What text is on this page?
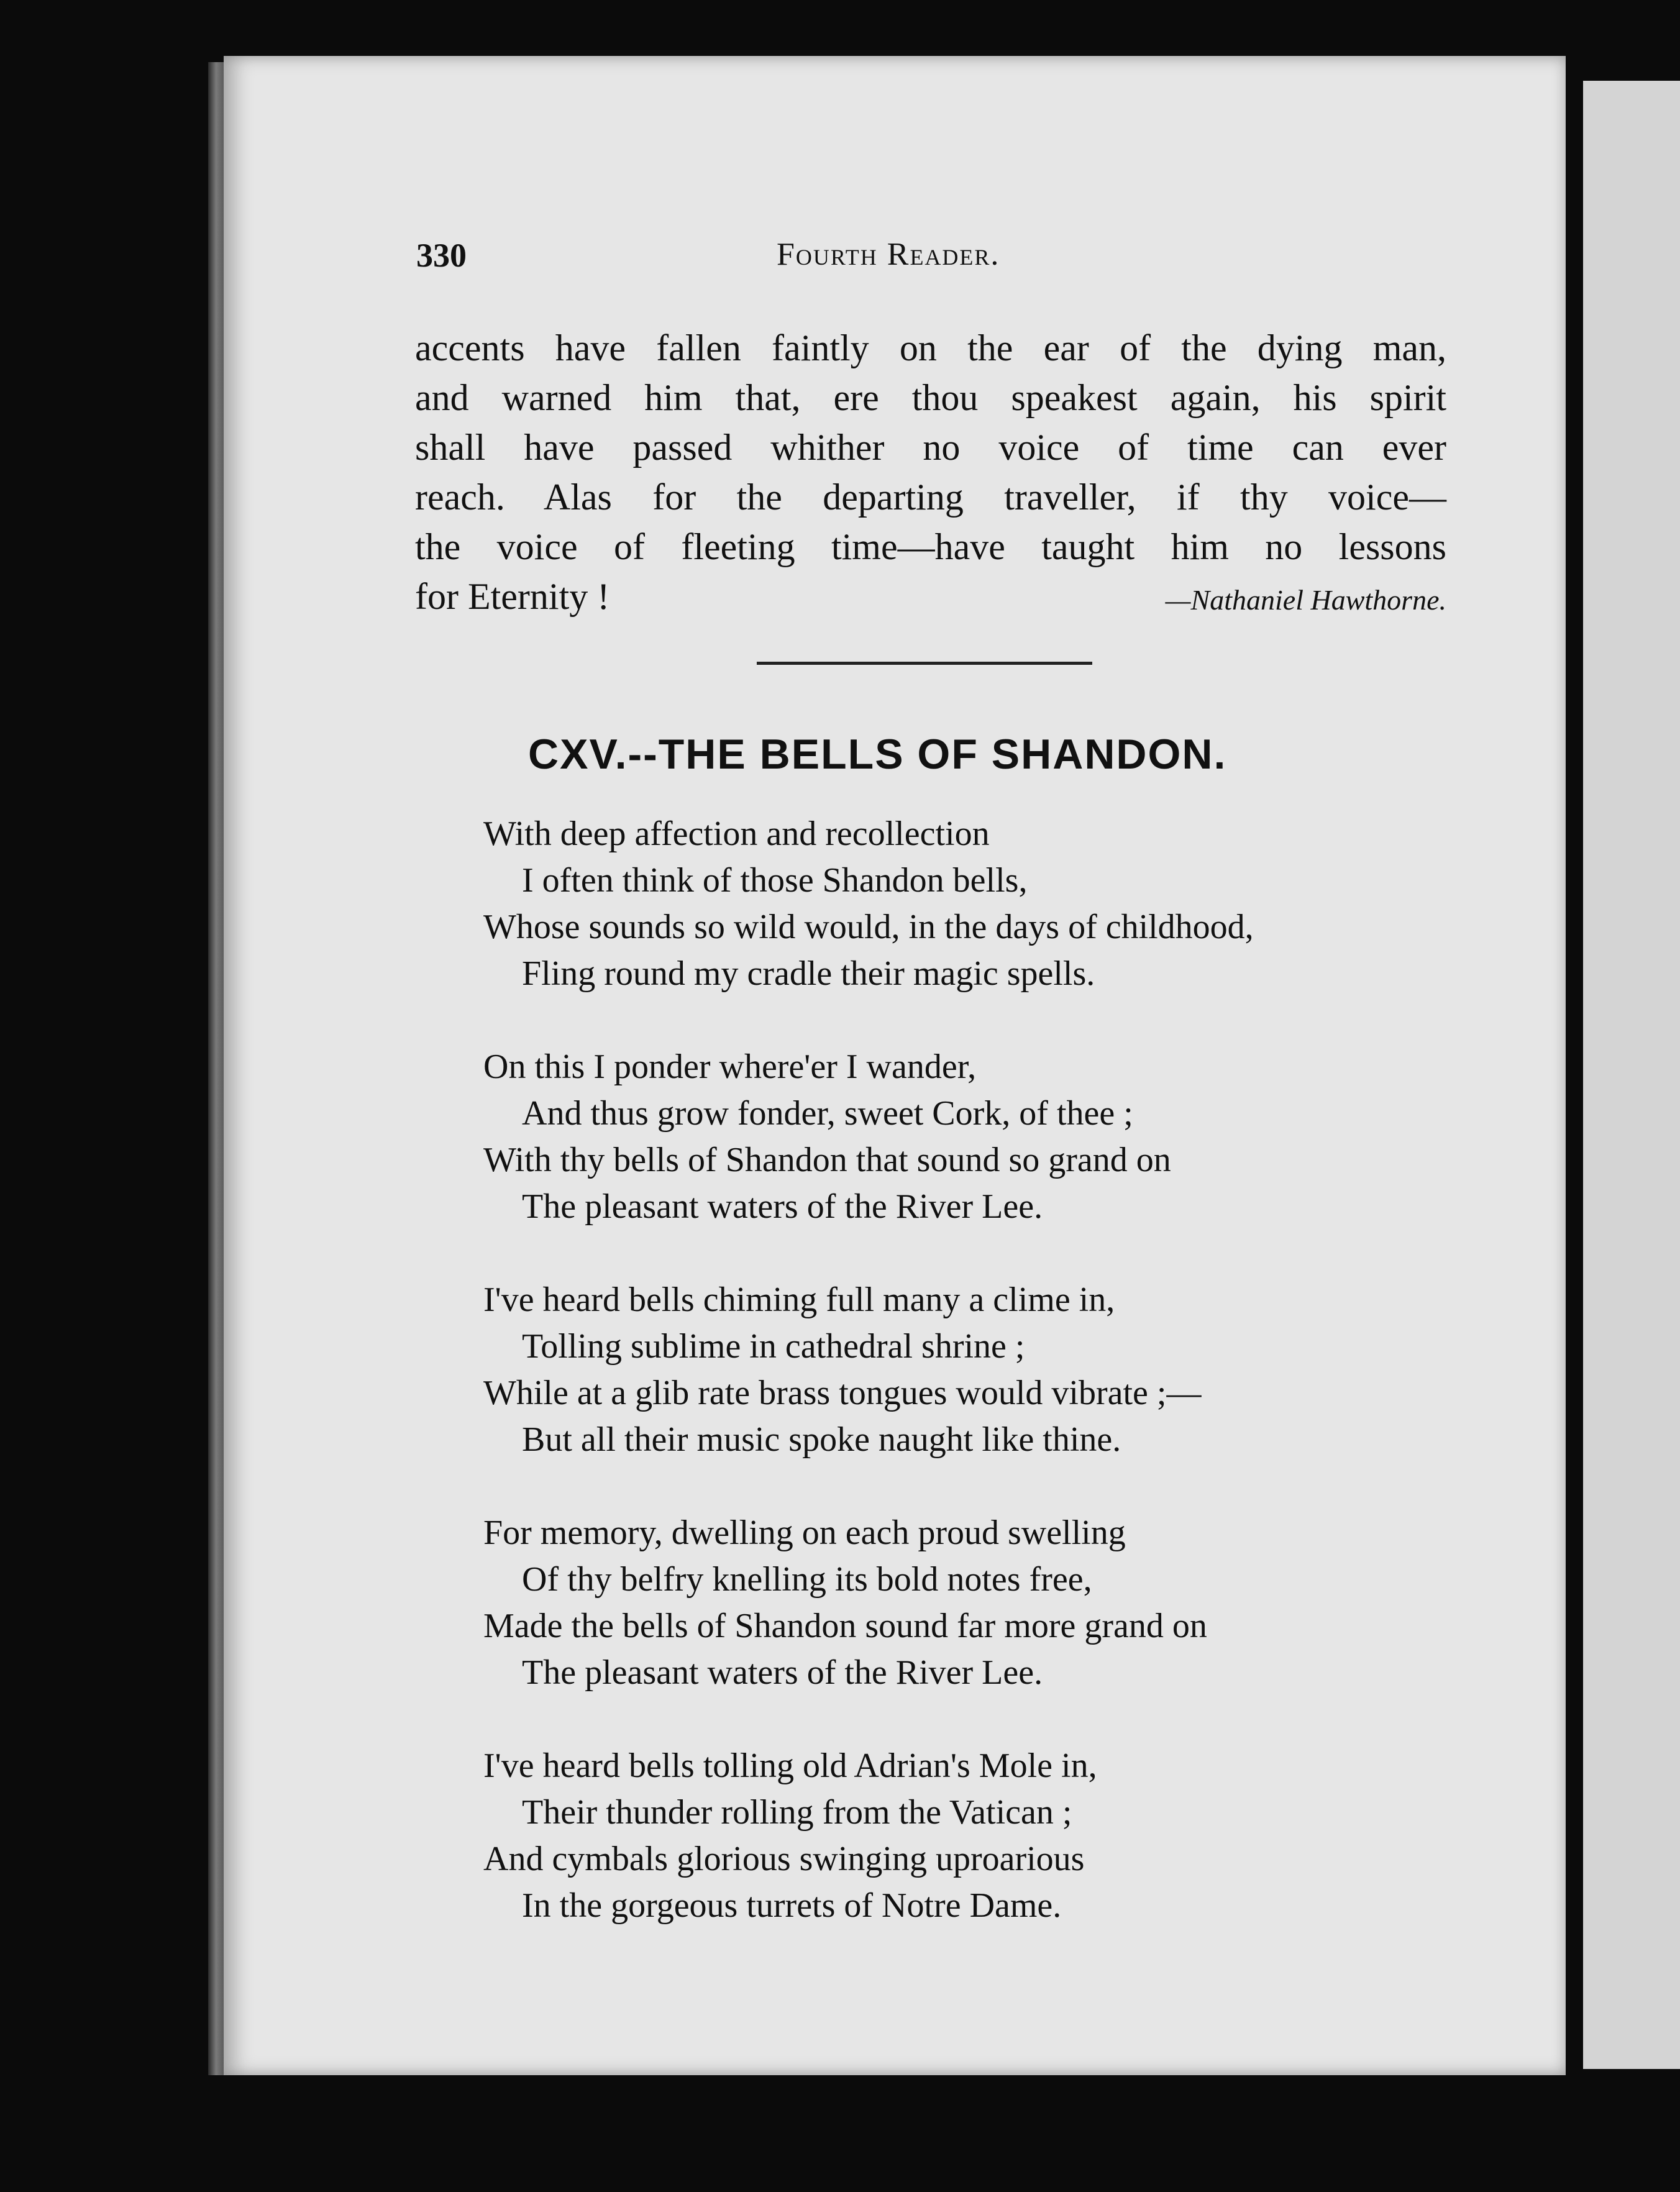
330	Fourth Reader.
accents have fallen faintly on the ear of the dying man,
and warned him that, ere thou speakest again, his spirit
shall have passed whither no voice of time can ever
reach. Alas for the departing traveller, if thy voice—
the voice of fleeting time—have taught him no lessons
for Eternity !	—Nathaniel Hawthorne.
CXV.--THE BELLS OF SHANDON.
With deep affection and recollection
I often think of those Shandon bells,
Whose sounds so wild would, in the days of childhood,
Fling round my cradle their magic spells.
On this I ponder where'er I wander,
And thus grow fonder, sweet Cork, of thee ;
With thy bells of Shandon that sound so grand on
The pleasant waters of the River Lee.
I've heard bells chiming full many a clime in,
Tolling sublime in cathedral shrine ;
While at a glib rate brass tongues would vibrate ;—
But all their music spoke naught like thine.
For memory, dwelling on each proud swelling
Of thy belfry knelling its bold notes free,
Made the bells of Shandon sound far more grand on
The pleasant waters of the River Lee.
I've heard bells tolling old Adrian's Mole in,
Their thunder rolling from the Vatican ;
And cymbals glorious swinging uproarious
In the gorgeous turrets of Notre Dame.
